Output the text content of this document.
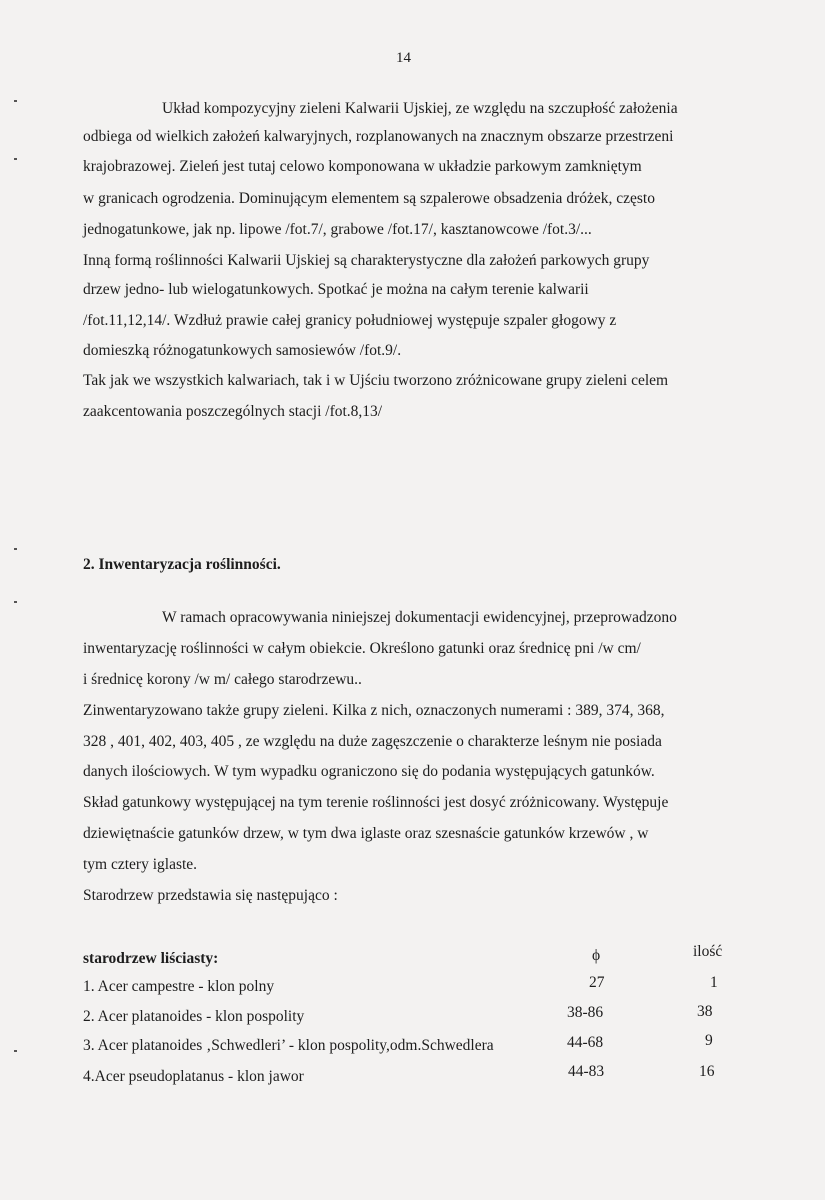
14
Układ kompozycyjny zieleni Kalwarii Ujskiej, ze względu na szczupłość założenia
odbiega od wielkich założeń kalwaryjnych, rozplanowanych na znacznym obszarze przestrzeni
krajobrazowej. Zieleń jest tutaj celowo komponowana w układzie parkowym zamkniętym
w granicach ogrodzenia. Dominującym elementem są szpalerowe obsadzenia dróżek, często
jednogatunkowe, jak np. lipowe /fot.7/, grabowe /fot.17/, kasztanowcowe /fot.3/...
Inną formą roślinności Kalwarii Ujskiej są charakterystyczne dla założeń parkowych grupy
drzew jedno- lub wielogatunkowych. Spotkać je można na całym terenie kalwarii
/fot.11,12,14/. Wzdłuż prawie całej granicy południowej występuje szpaler głogowy z
domieszką różnogatunkowych samosiewów /fot.9/.
Tak jak we wszystkich kalwariach, tak i w Ujściu tworzono zróżnicowane grupy zieleni celem
zaakcentowania poszczególnych stacji /fot.8,13/
2. Inwentaryzacja roślinności.
W ramach opracowywania niniejszej dokumentacji ewidencyjnej, przeprowadzono
inwentaryzację roślinności w całym obiekcie. Określono gatunki oraz średnicę pni /w cm/
i średnicę korony /w m/ całego starodrzewu..
Zinwentaryzowano także grupy zieleni. Kilka z nich, oznaczonych numerami : 389, 374, 368,
328 , 401, 402, 403, 405 , ze względu na duże zagęszczenie o charakterze leśnym nie posiada
danych ilościowych. W tym wypadku ograniczono się do podania występujących gatunków.
Skład gatunkowy występującej na tym terenie roślinności jest dosyć zróżnicowany. Występuje
dziewiętnaście gatunków drzew, w tym dwa iglaste oraz szesnaście gatunków krzewów , w
tym cztery iglaste.
Starodrzew przedstawia się następująco :
starodrzew liściasty:	ϕ	ilość
1. Acer campestre - klon polny	27	1
2. Acer platanoides - klon pospolity	38-86	38
3. Acer platanoides ‚Schwedleri’ - klon pospolity,odm.Schwedlera	44-68	9
4.Acer pseudoplatanus - klon jawor	44-83	16
